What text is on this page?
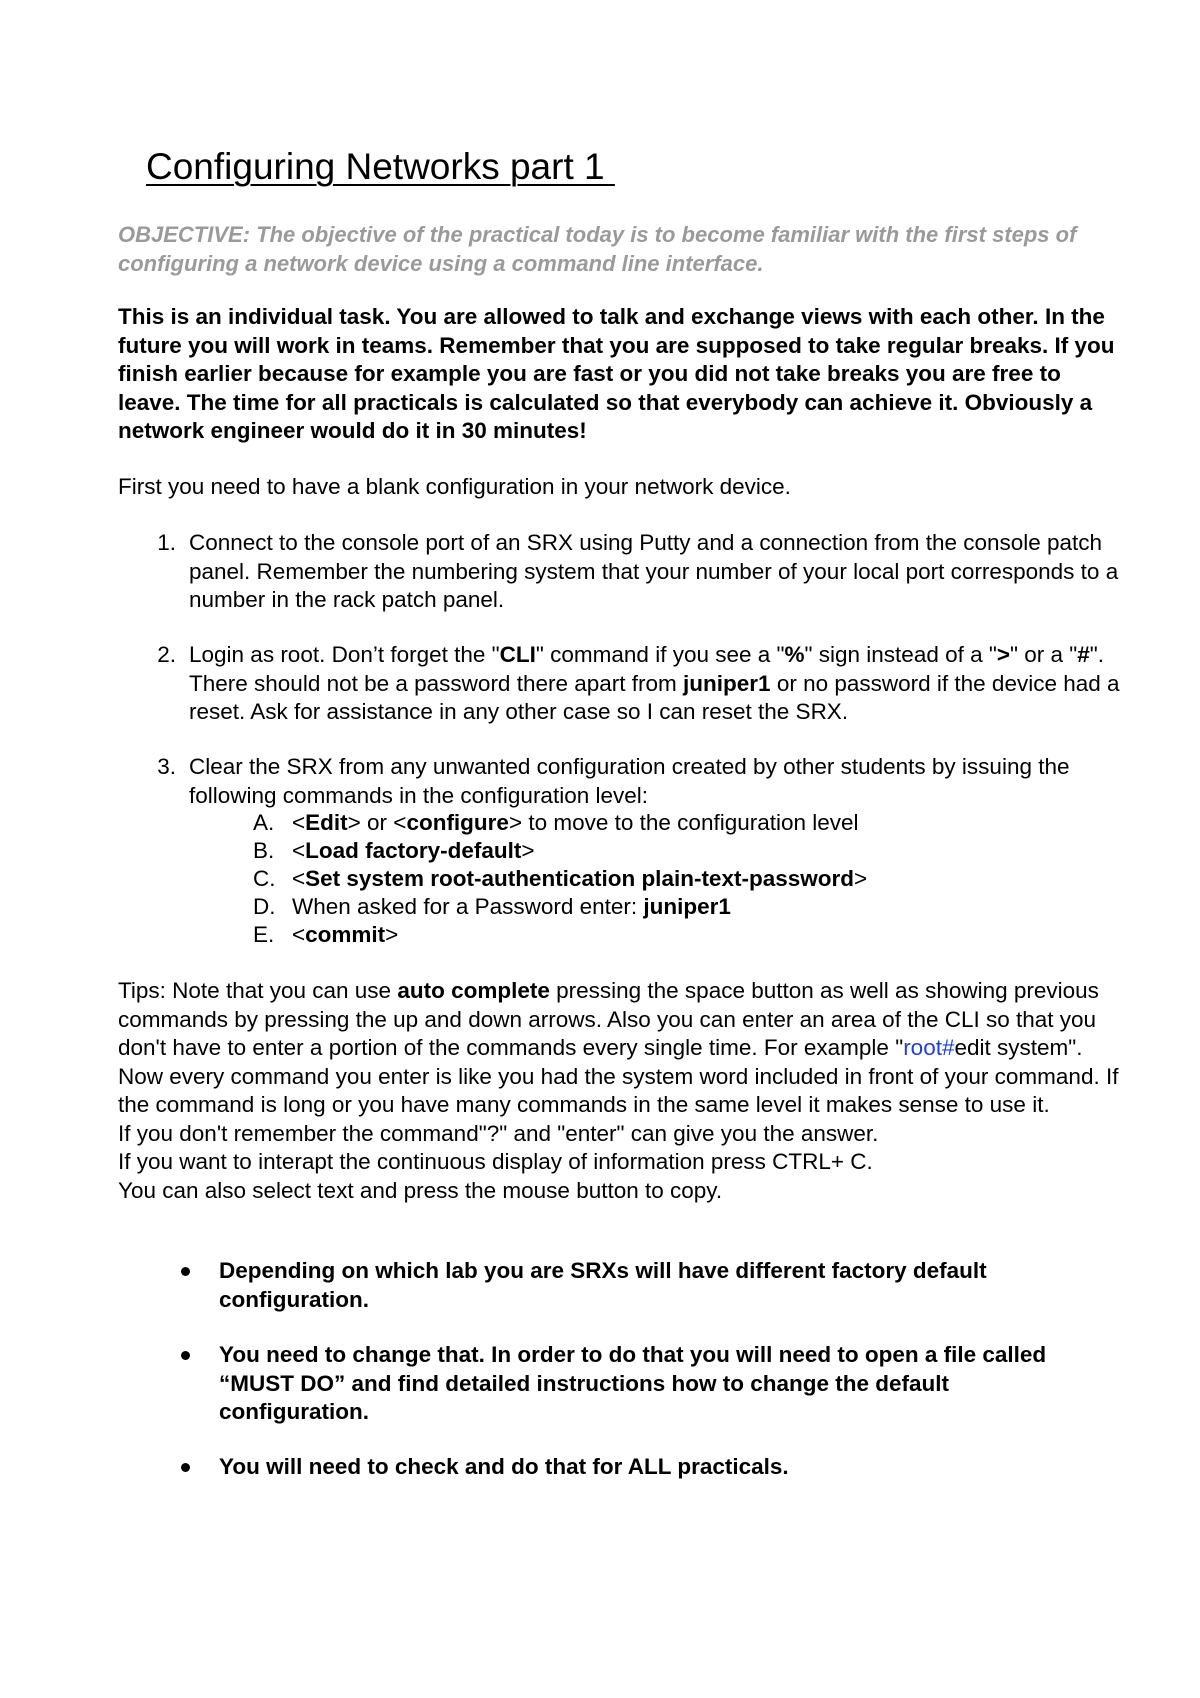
Configuring Networks part 1
OBJECTIVE: The objective of the practical today is to become familiar with the first steps of configuring a network device using a command line interface.
This is an individual task. You are allowed to talk and exchange views with each other. In the future you will work in teams. Remember that you are supposed to take regular breaks. If you finish earlier because for example you are fast or you did not take breaks you are free to leave. The time for all practicals is calculated so that everybody can achieve it. Obviously a network engineer would do it in 30 minutes!
First you need to have a blank configuration in your network device.
1. Connect to the console port of an SRX using Putty and a connection from the console patch panel. Remember the numbering system that your number of your local port corresponds to a number in the rack patch panel.
2. Login as root. Don’t forget the "CLI" command if you see a "%" sign instead of a ">" or a "#". There should not be a password there apart from juniper1 or no password if the device had a reset. Ask for assistance in any other case so I can reset the SRX.
3. Clear the SRX from any unwanted configuration created by other students by issuing the following commands in the configuration level:
A. <Edit> or <configure> to move to the configuration level
B. <Load factory-default>
C. <Set system root-authentication plain-text-password>
D. When asked for a Password enter: juniper1
E. <commit>
Tips: Note that you can use auto complete pressing the space button as well as showing previous commands by pressing the up and down arrows. Also you can enter an area of the CLI so that you don't have to enter a portion of the commands every single time. For example "root#edit system". Now every command you enter is like you had the system word included in front of your command. If the command is long or you have many commands in the same level it makes sense to use it.
If you don't remember the command"?" and "enter" can give you the answer.
If you want to interapt the continuous display of information press CTRL+ C.
You can also select text and press the mouse button to copy.
Depending on which lab you are SRXs will have different factory default configuration.
You need to change that. In order to do that you will need to open a file called “MUST DO” and find detailed instructions how to change the default configuration.
You will need to check and do that for ALL practicals.
